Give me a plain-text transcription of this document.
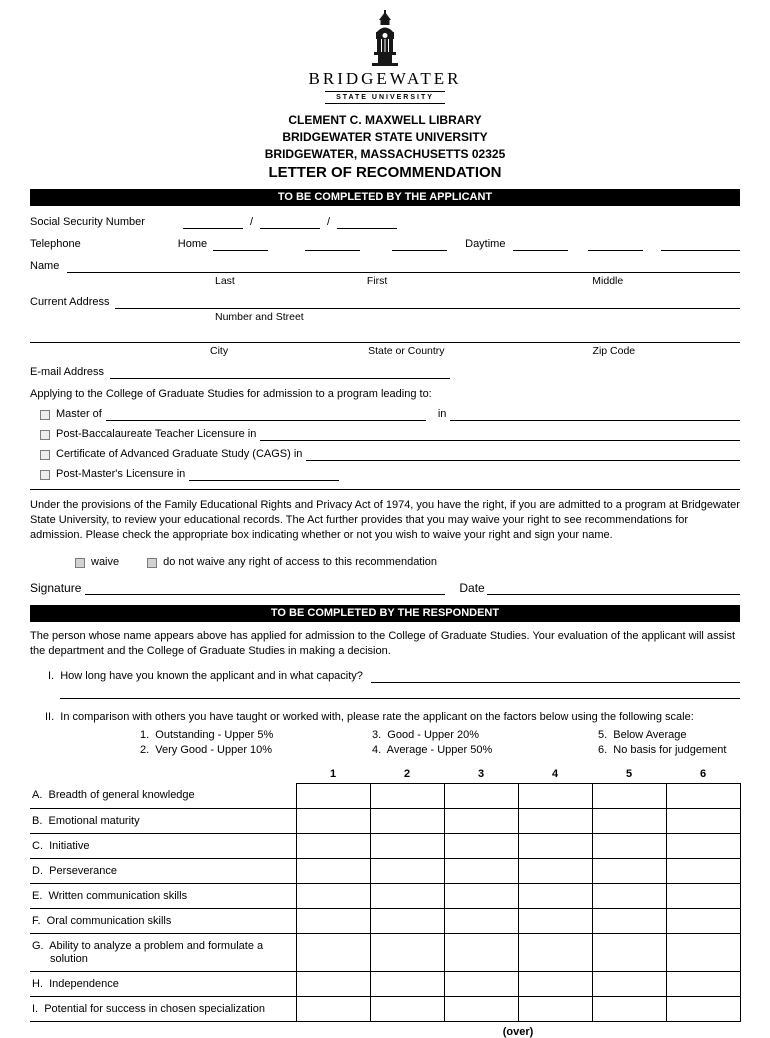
BRIDGEWATER
STATE UNIVERSITY
CLEMENT C. MAXWELL LIBRARY
BRIDGEWATER STATE UNIVERSITY
BRIDGEWATER, MASSACHUSETTS 02325
LETTER OF RECOMMENDATION
TO BE COMPLETED BY THE APPLICANT
Social Security Number	/	/
Telephone	Home	Daytime
Name
Last	First	Middle
Current Address
Number and Street
City	State or Country	Zip Code
E-mail Address
Applying to the College of Graduate Studies for admission to a program leading to:
Master of	in
Post-Baccalaureate Teacher Licensure in
Certificate of Advanced Graduate Study (CAGS) in
Post-Master's Licensure in
Under the provisions of the Family Educational Rights and Privacy Act of 1974, you have the right, if you are admitted to a program at Bridgewater State University, to review your educational records. The Act further provides that you may waive your right to see recommendations for admission. Please check the appropriate box indicating whether or not you wish to waive your right and sign your name.
waive	do not waive any right of access to this recommendation
Signature	Date
TO BE COMPLETED BY THE RESPONDENT
The person whose name appears above has applied for admission to the College of Graduate Studies. Your evaluation of the applicant will assist the department and the College of Graduate Studies in making a decision.
I.  How long have you known the applicant and in what capacity?
II.  In comparison with others you have taught or worked with, please rate the applicant on the factors below using the following scale:
1.  Outstanding - Upper 5%
2.  Very Good - Upper 10%
3.  Good - Upper 20%
4.  Average - Upper 50%
5.  Below Average
6.  No basis for judgement
1	2	3	4	5	6
A.  Breadth of general knowledge						
B.  Emotional maturity						
C.  Initiative						
D.  Perseverance						
E.  Written communication skills						
F.  Oral communication skills						
G.  Ability to analyze a problem and formulate a solution						
H.  Independence						
I.  Potential for success in chosen specialization						
(over)
